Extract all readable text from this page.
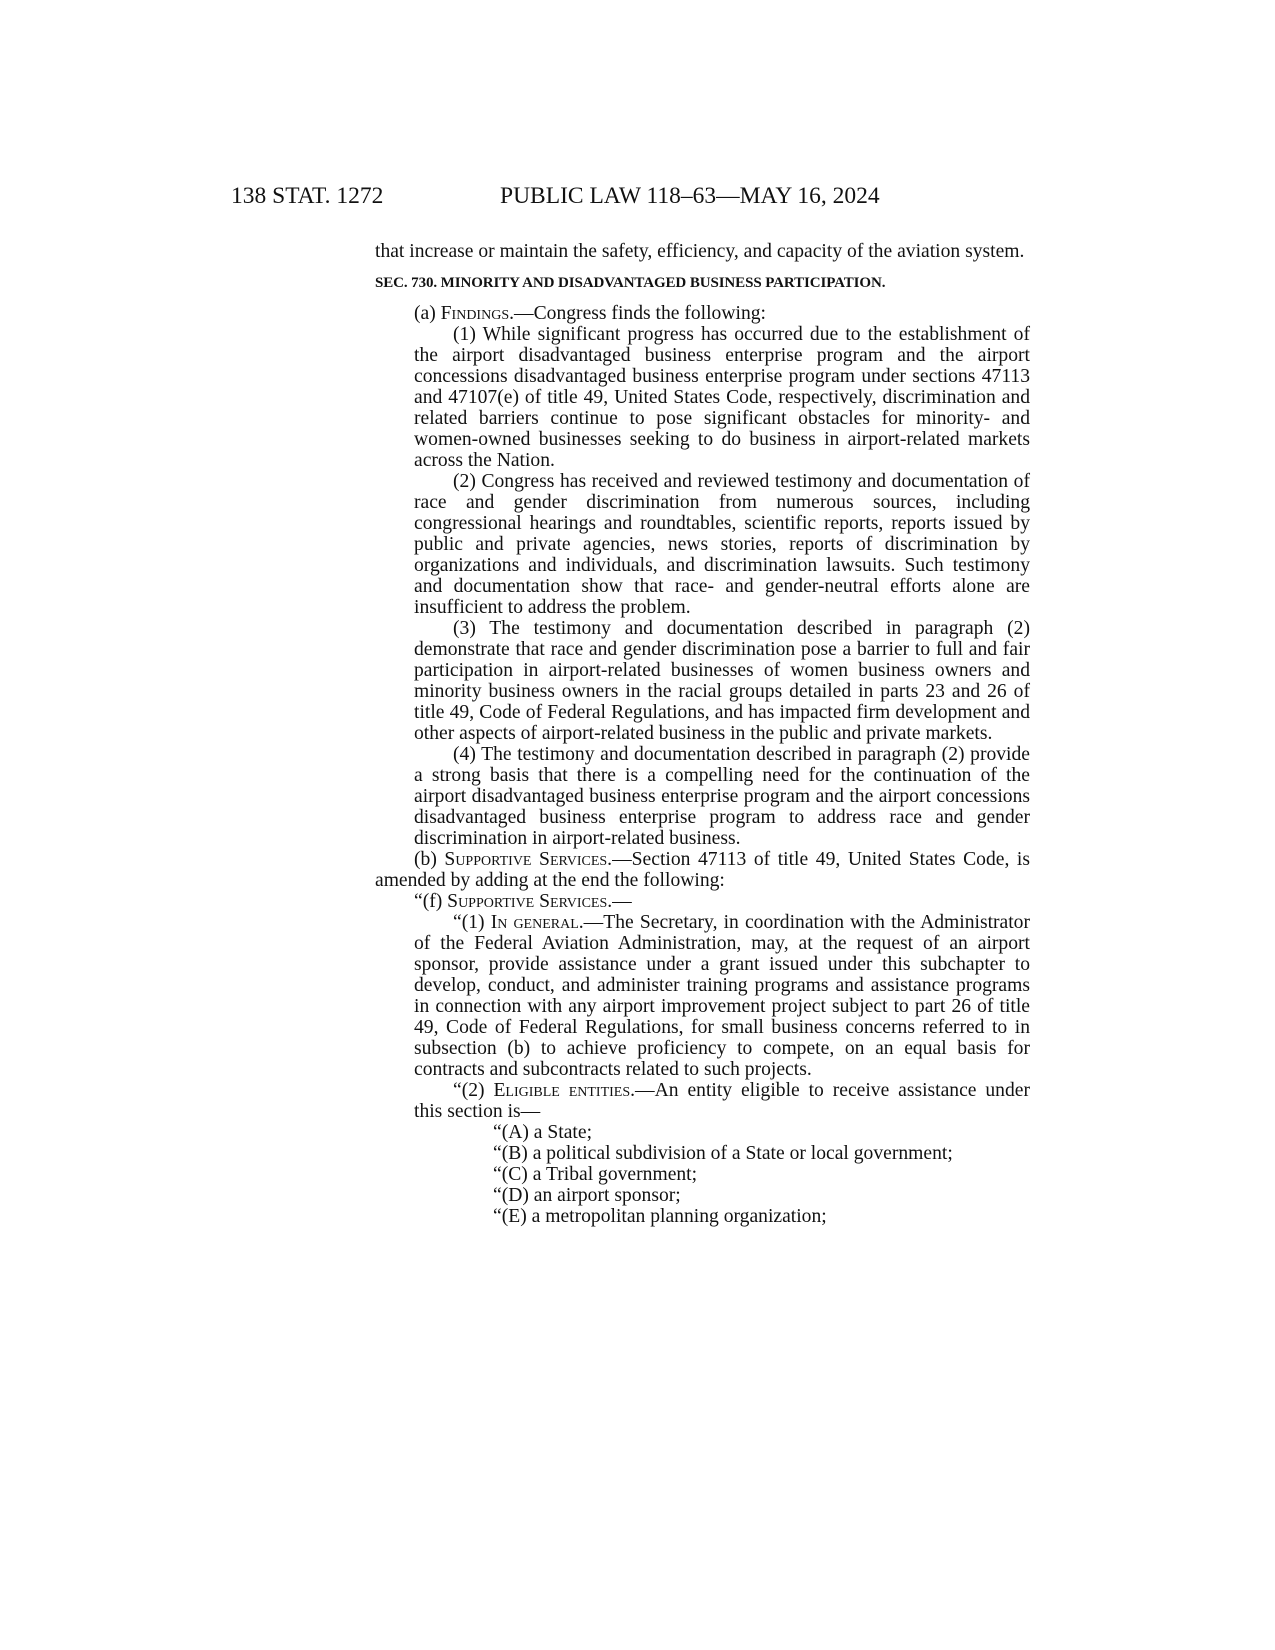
138 STAT. 1272	PUBLIC LAW 118–63—MAY 16, 2024

that increase or maintain the safety, efficiency, and capacity of the aviation system.

SEC. 730. MINORITY AND DISADVANTAGED BUSINESS PARTICIPATION.

(a) Findings.—Congress finds the following:

(1) While significant progress has occurred due to the establishment of the airport disadvantaged business enterprise program and the airport concessions disadvantaged business enterprise program under sections 47113 and 47107(e) of title 49, United States Code, respectively, discrimination and related barriers continue to pose significant obstacles for minority- and women-owned businesses seeking to do business in airport-related markets across the Nation.

(2) Congress has received and reviewed testimony and documentation of race and gender discrimination from numerous sources, including congressional hearings and roundtables, scientific reports, reports issued by public and private agencies, news stories, reports of discrimination by organizations and individuals, and discrimination lawsuits. Such testimony and documentation show that race- and gender-neutral efforts alone are insufficient to address the problem.

(3) The testimony and documentation described in paragraph (2) demonstrate that race and gender discrimination pose a barrier to full and fair participation in airport-related businesses of women business owners and minority business owners in the racial groups detailed in parts 23 and 26 of title 49, Code of Federal Regulations, and has impacted firm development and other aspects of airport-related business in the public and private markets.

(4) The testimony and documentation described in paragraph (2) provide a strong basis that there is a compelling need for the continuation of the airport disadvantaged business enterprise program and the airport concessions disadvantaged business enterprise program to address race and gender discrimination in airport-related business.

(b) Supportive Services.—Section 47113 of title 49, United States Code, is amended by adding at the end the following:

“(f) Supportive Services.—

“(1) In general.—The Secretary, in coordination with the Administrator of the Federal Aviation Administration, may, at the request of an airport sponsor, provide assistance under a grant issued under this subchapter to develop, conduct, and administer training programs and assistance programs in connection with any airport improvement project subject to part 26 of title 49, Code of Federal Regulations, for small business concerns referred to in subsection (b) to achieve proficiency to compete, on an equal basis for contracts and subcontracts related to such projects.

“(2) Eligible entities.—An entity eligible to receive assistance under this section is—

“(A) a State;

“(B) a political subdivision of a State or local government;

“(C) a Tribal government;

“(D) an airport sponsor;

“(E) a metropolitan planning organization;
